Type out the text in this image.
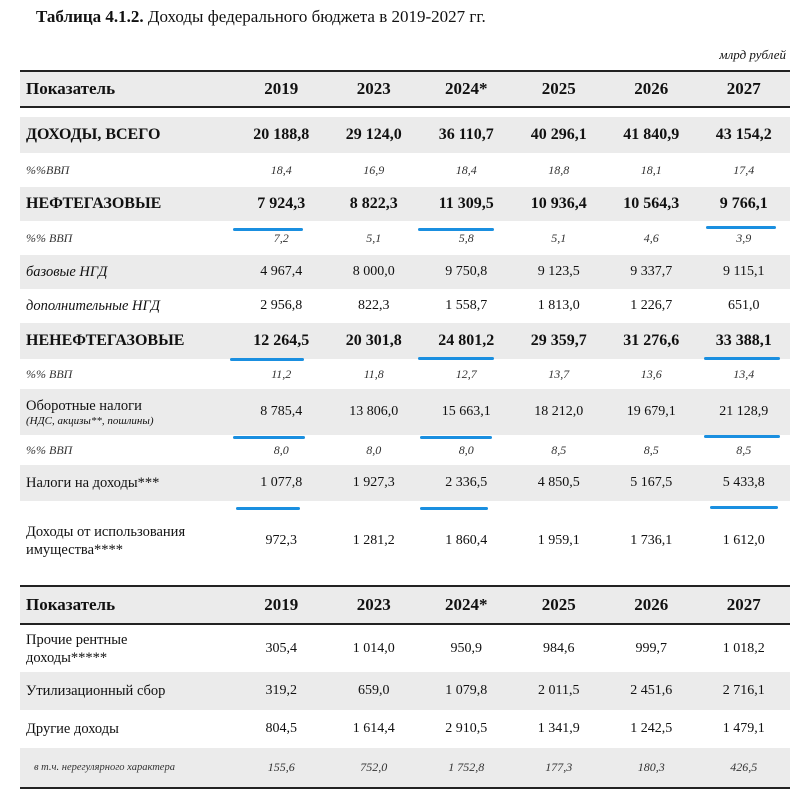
Таблица 4.1.2. Доходы федерального бюджета в 2019-2027 гг.
млрд рублей
Показатель	2019	2023	2024*	2025	2026	2027

ДОХОДЫ, ВСЕГО	20 188,8	29 124,0	36 110,7	40 296,1	41 840,9	43 154,2
%%ВВП	18,4	16,9	18,4	18,8	18,1	17,4
НЕФТЕГАЗОВЫЕ	7 924,3	8 822,3	11 309,5	10 936,4	10 564,3	9 766,1
%% ВВП	7,2	5,1	5,8	5,1	4,6	3,9
базовые НГД	4 967,4	8 000,0	9 750,8	9 123,5	9 337,7	9 115,1
дополнительные НГД	2 956,8	822,3	1 558,7	1 813,0	1 226,7	651,0
НЕНЕФТЕГАЗОВЫЕ	12 264,5	20 301,8	24 801,2	29 359,7	31 276,6	33 388,1
%% ВВП	11,2	11,8	12,7	13,7	13,6	13,4
Оборотные налоги
(НДС, акцизы**, пошлины)	8 785,4	13 806,0	15 663,1	18 212,0	19 679,1	21 128,9
%% ВВП	8,0	8,0	8,0	8,5	8,5	8,5
Налоги на доходы***	1 077,8	1 927,3	2 336,5	4 850,5	5 167,5	5 433,8
Доходы от использования имущества****	972,3	1 281,2	1 860,4	1 959,1	1 736,1	1 612,0
Показатель	2019	2023	2024*	2025	2026	2027
Прочие рентные доходы*****	305,4	1 014,0	950,9	984,6	999,7	1 018,2
Утилизационный сбор	319,2	659,0	1 079,8	2 011,5	2 451,6	2 716,1
Другие доходы	804,5	1 614,4	2 910,5	1 341,9	1 242,5	1 479,1

в т.ч. нерегулярного характера	155,6	752,0	1 752,8	177,3	180,3	426,5
